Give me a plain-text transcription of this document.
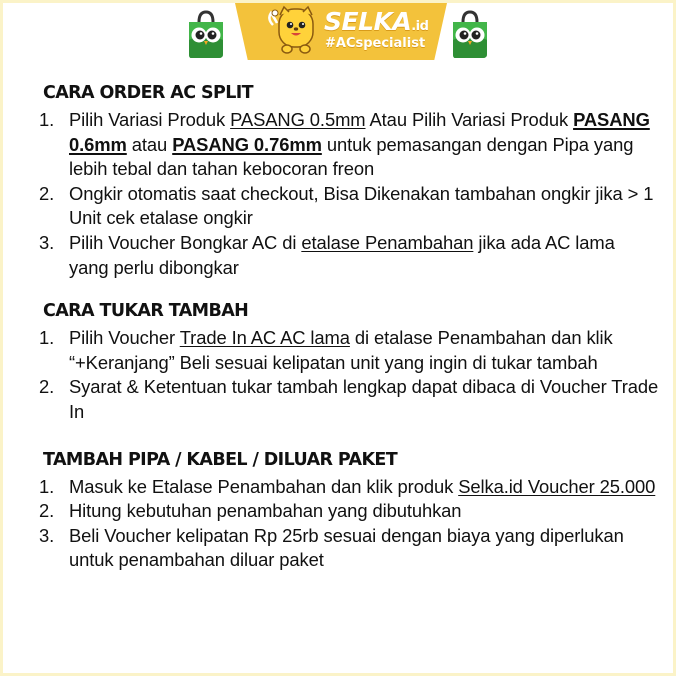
SELKA.id
#ACspecialist
CARA ORDER AC SPLIT
1. Pilih Variasi Produk PASANG 0.5mm Atau Pilih Variasi Produk PASANG 0.6mm atau PASANG 0.76mm untuk pemasangan dengan Pipa yang lebih tebal dan tahan kebocoran freon
2. Ongkir otomatis saat checkout, Bisa Dikenakan tambahan ongkir jika > 1 Unit cek etalase ongkir
3. Pilih Voucher Bongkar AC di etalase Penambahan jika ada AC lama yang perlu dibongkar
CARA TUKAR TAMBAH
1. Pilih Voucher Trade In AC AC lama di etalase Penambahan dan klik “+Keranjang” Beli sesuai kelipatan unit yang ingin di tukar tambah
2. Syarat & Ketentuan tukar tambah lengkap dapat dibaca di Voucher Trade In
TAMBAH PIPA / KABEL / DILUAR PAKET
1. Masuk ke Etalase Penambahan dan klik produk Selka.id Voucher 25.000
2. Hitung kebutuhan penambahan yang dibutuhkan
3. Beli Voucher kelipatan Rp 25rb sesuai dengan biaya yang diperlukan untuk penambahan diluar paket
